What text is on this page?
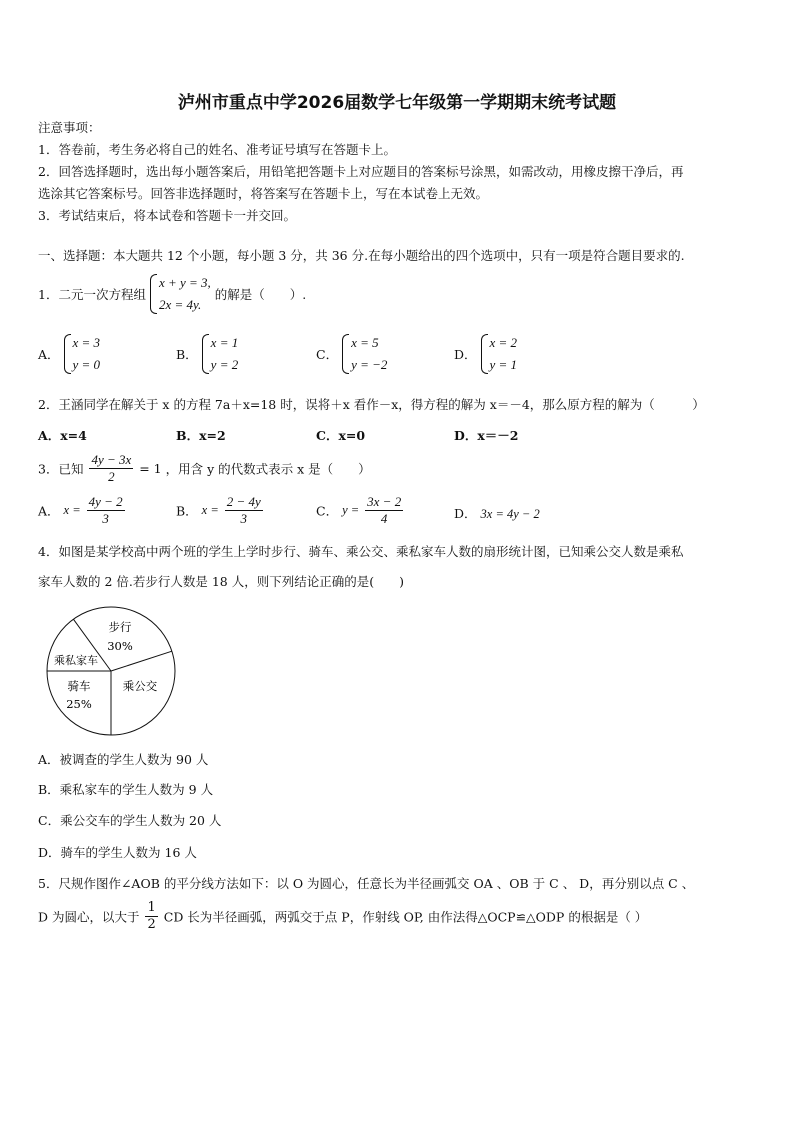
泸州市重点中学2026届数学七年级第一学期期末统考试题
注意事项：
1．答卷前，考生务必将自己的姓名、准考证号填写在答题卡上。
2．回答选择题时，选出每小题答案后，用铅笔把答题卡上对应题目的答案标号涂黑，如需改动，用橡皮擦干净后，再
选涂其它答案标号。回答非选择题时，将答案写在答题卡上，写在本试卷上无效。
3．考试结束后，将本试卷和答题卡一并交回。
一、选择题：本大题共 12 个小题，每小题 3 分，共 36 分.在每小题给出的四个选项中，只有一项是符合题目要求的.
1．二元一次方程组
x + y = 3,
2x = 4y.
的解是（　　）.
A．
x = 3
y = 0
B．
x = 1
y = 2
C．
x = 5
y = −2
D．
x = 2
y = 1
2．王涵同学在解关于 x 的方程 7a＋x=18 时，误将＋x 看作－x，得方程的解为 x＝－4，那么原方程的解为（　　　）
A．x=4	B．x=2	C．x=0	D．x＝－2
3．已知 $\frac{4y - 3x}{2} = 1$ ，用含 y 的代数式表示 x 是（　　）
A． $x = \frac{4y - 2}{3}$	B． $x = \frac{2 - 4y}{3}$	C． $y = \frac{3x - 2}{4}$	D． 3x = 4y − 2
4．如图是某学校高中两个班的学生上学时步行、骑车、乘公交、乘私家车人数的扇形统计图，已知乘公交人数是乘私
家车人数的 2 倍.若步行人数是 18 人，则下列结论正确的是(　　)
步行
30%
乘私家车
骑车
25%
乘公交
A．被调查的学生人数为 90 人
B．乘私家车的学生人数为 9 人
C．乘公交车的学生人数为 20 人
D．骑车的学生人数为 16 人
5．尺规作图作∠AOB 的平分线方法如下：以 O 为圆心，任意长为半径画弧交 OA 、OB 于 C 、 D，再分别以点 C 、
D 为圆心，以大于 $\frac{1}{2}$ CD 长为半径画弧，两弧交于点 P，作射线 OP, 由作法得△OCP≌△ODP 的根据是（ ）
